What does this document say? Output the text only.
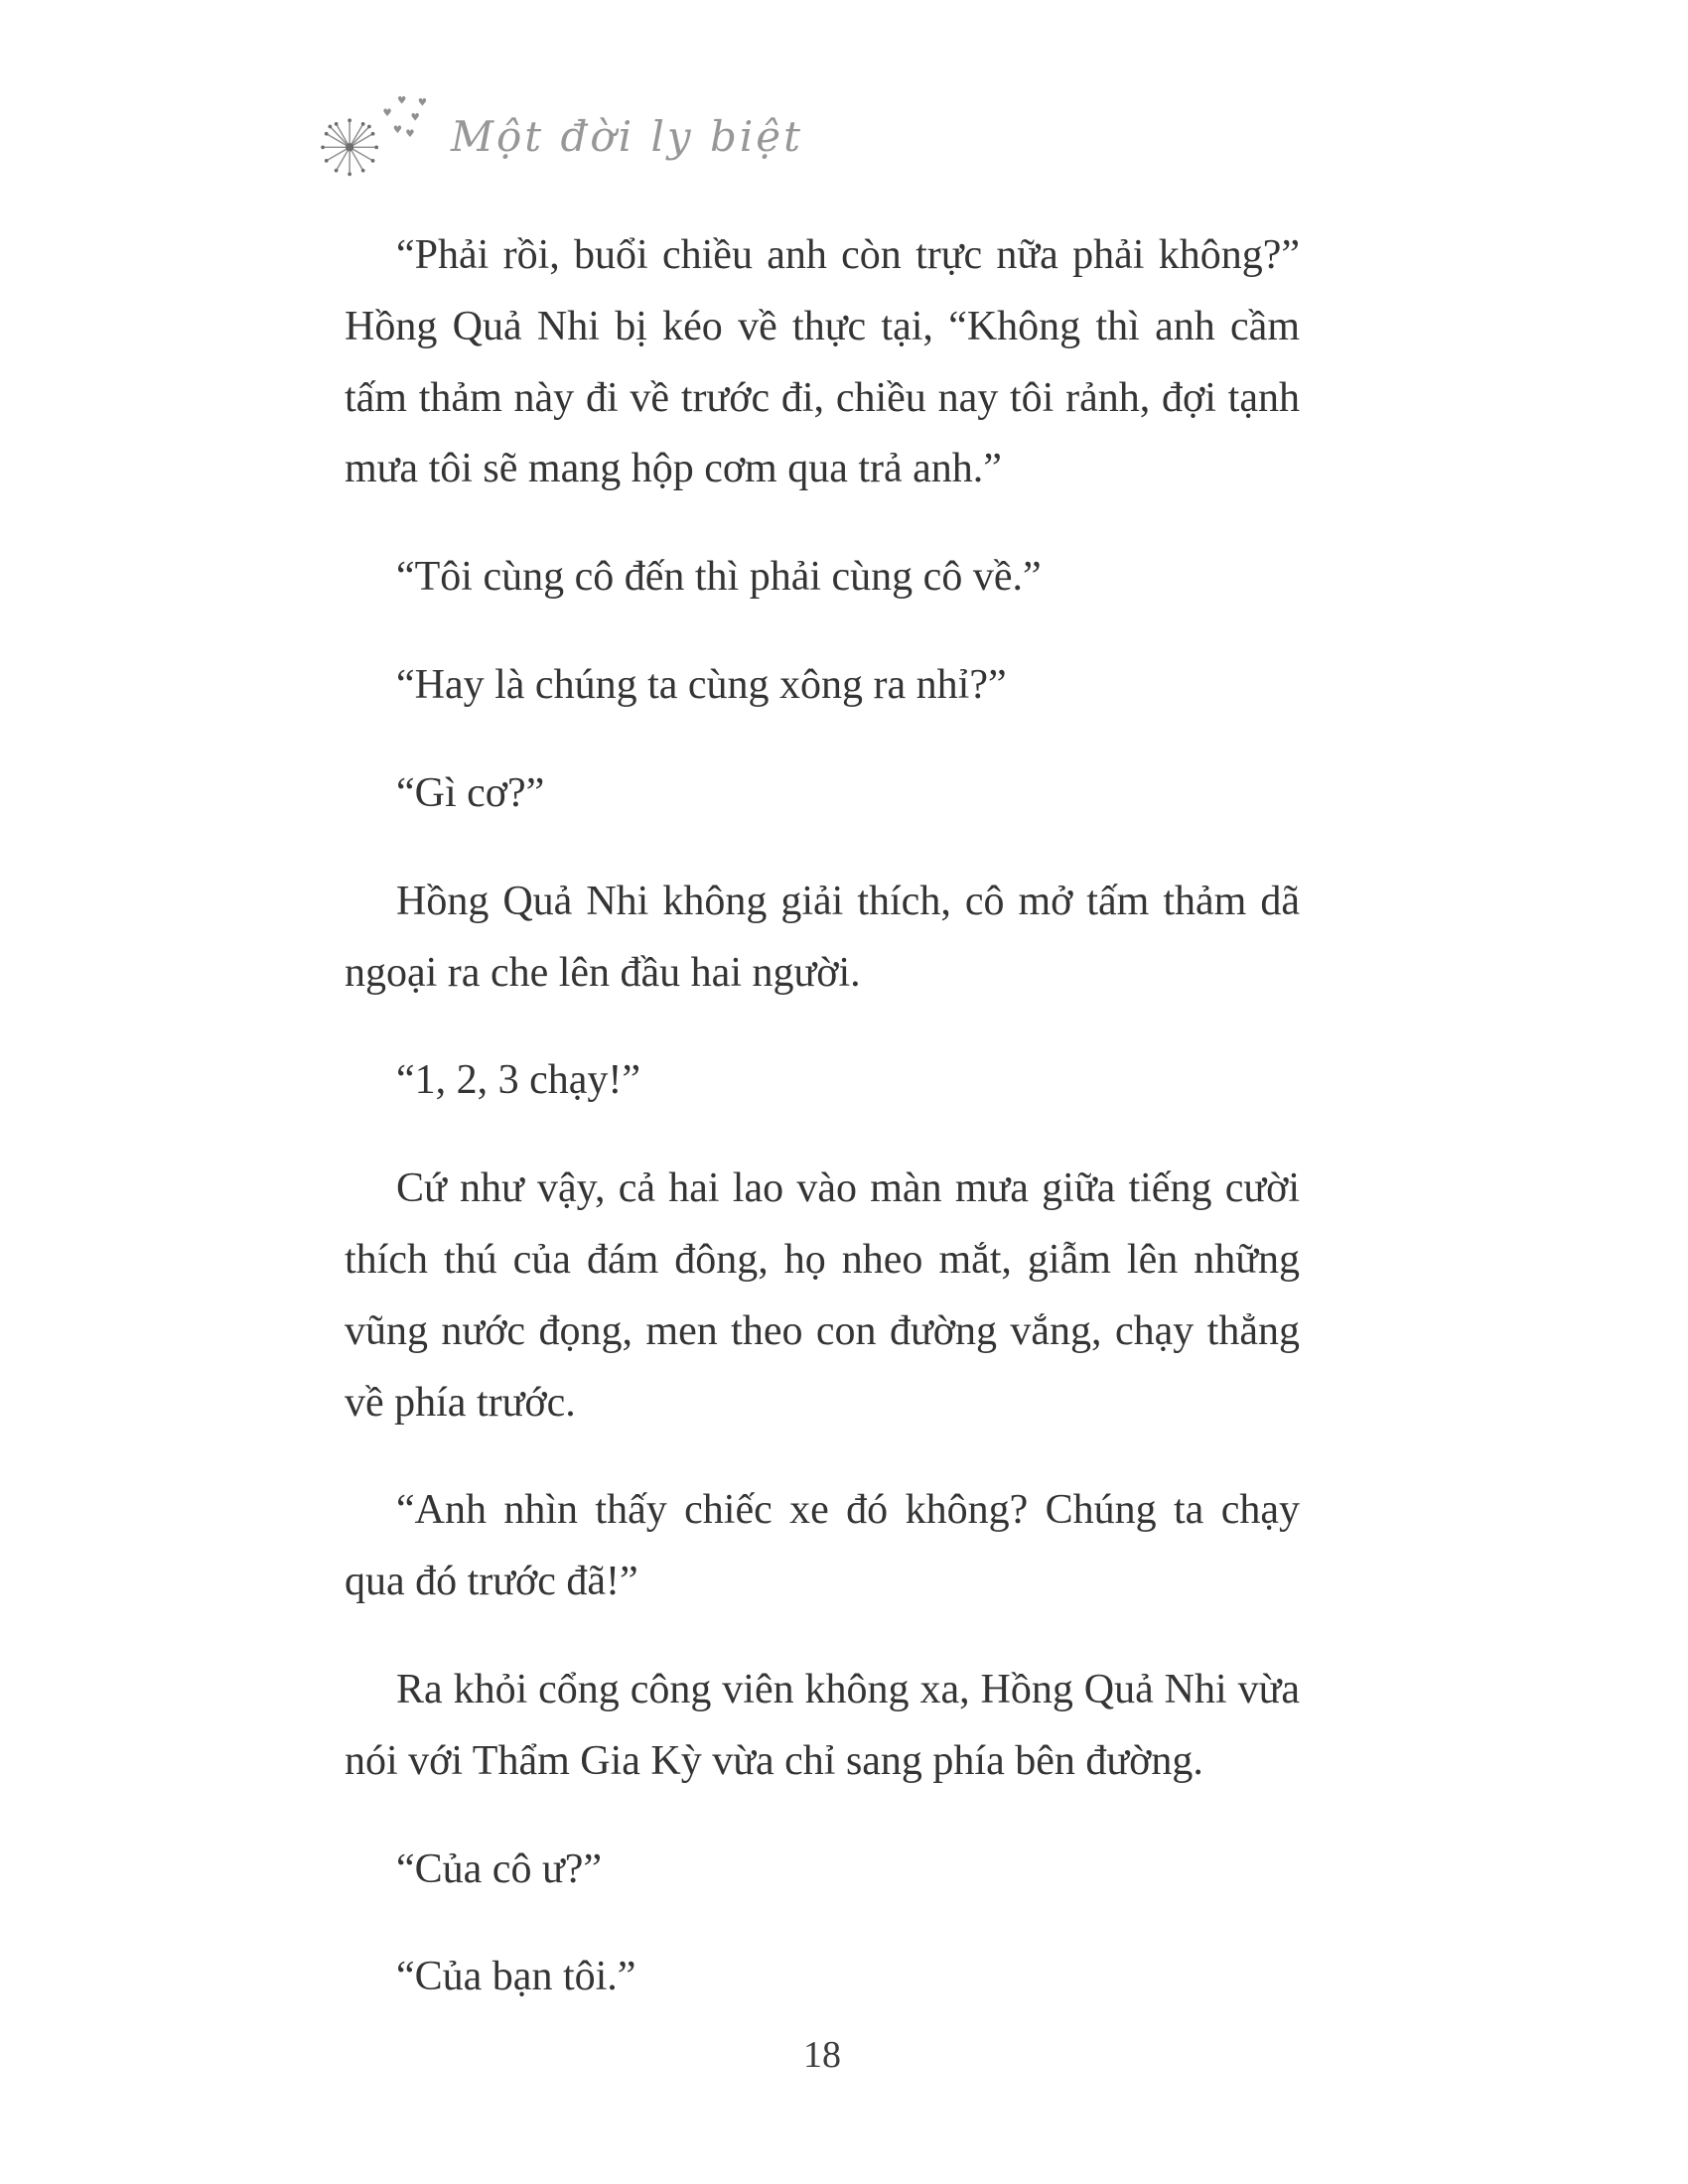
♥
♥
♥
♥
♥
♥ Một đời ly biệt

“Phải rồi, buổi chiều anh còn trực nữa phải không?” Hồng Quả Nhi bị kéo về thực tại, “Không thì anh cầm tấm thảm này đi về trước đi, chiều nay tôi rảnh, đợi tạnh mưa tôi sẽ mang hộp cơm qua trả anh.”

“Tôi cùng cô đến thì phải cùng cô về.”

“Hay là chúng ta cùng xông ra nhỉ?”

“Gì cơ?”

Hồng Quả Nhi không giải thích, cô mở tấm thảm dã ngoại ra che lên đầu hai người.

“1, 2, 3 chạy!”

Cứ như vậy, cả hai lao vào màn mưa giữa tiếng cười thích thú của đám đông, họ nheo mắt, giẫm lên những vũng nước đọng, men theo con đường vắng, chạy thẳng về phía trước.

“Anh nhìn thấy chiếc xe đó không? Chúng ta chạy qua đó trước đã!”

Ra khỏi cổng công viên không xa, Hồng Quả Nhi vừa nói với Thẩm Gia Kỳ vừa chỉ sang phía bên đường.

“Của cô ư?”

“Của bạn tôi.”

18
